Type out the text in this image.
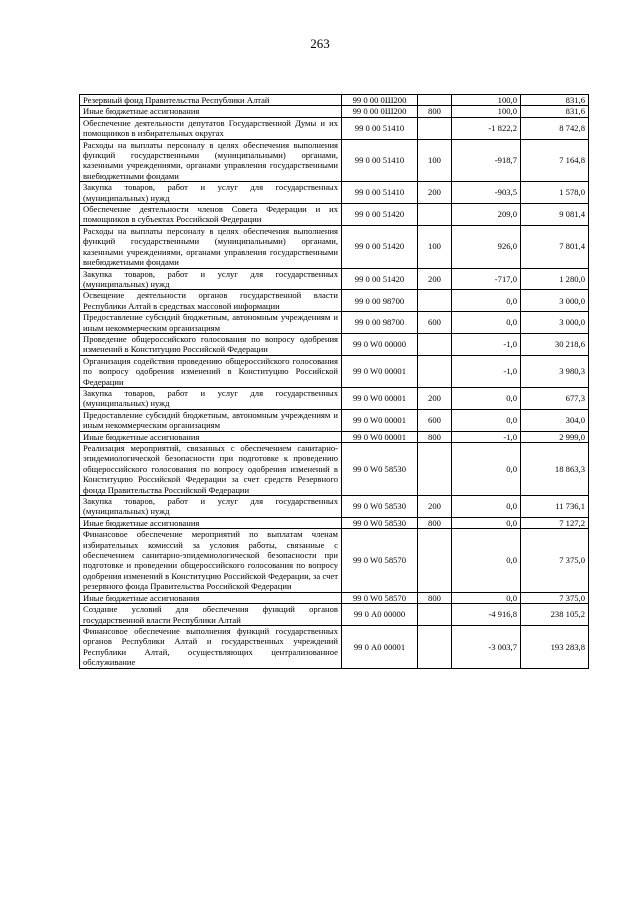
263
Резервный фонд Правительства Республики Алтай	99 0 00 0Ш200		100,0	831,6
Иные бюджетные ассигнования	99 0 00 0Ш200	800	100,0	831,6
Обеспечение деятельности депутатов Государственной Думы и их помощников в избирательных округах	99 0 00 51410		-1 822,2	8 742,8
Расходы на выплаты персоналу в целях обеспечения выполнения функций государственными (муниципальными) органами, казенными учреждениями, органами управления государственными внебюджетными фондами	99 0 00 51410	100	-918,7	7 164,8
Закупка товаров, работ и услуг для государственных (муниципальных) нужд	99 0 00 51410	200	-903,5	1 578,0
Обеспечение деятельности членов Совета Федерации и их помощников в субъектах Российской Федерации	99 0 00 51420		209,0	9 081,4
Расходы на выплаты персоналу в целях обеспечения выполнения функций государственными (муниципальными) органами, казенными учреждениями, органами управления государственными внебюджетными фондами	99 0 00 51420	100	926,0	7 801,4
Закупка товаров, работ и услуг для государственных (муниципальных) нужд	99 0 00 51420	200	-717,0	1 280,0
Освещение деятельности органов государственной власти Республики Алтай в средствах массовой информации	99 0 00 98700		0,0	3 000,0
Предоставление субсидий бюджетным, автономным учреждениям и иным некоммерческим организациям	99 0 00 98700	600	0,0	3 000,0
Проведение общероссийского голосования по вопросу одобрения изменений в Конституцию Российской Федерации	99 0 W0 00000		-1,0	30 218,6
Организация содействия проведению общероссийского голосования по вопросу одобрения изменений в Конституцию Российской Федерации	99 0 W0 00001		-1,0	3 980,3
Закупка товаров, работ и услуг для государственных (муниципальных) нужд	99 0 W0 00001	200	0,0	677,3
Предоставление субсидий бюджетным, автономным учреждениям и иным некоммерческим организациям	99 0 W0 00001	600	0,0	304,0
Иные бюджетные ассигнования	99 0 W0 00001	800	-1,0	2 999,0
Реализация мероприятий, связанных с обеспечением санитарно-эпидемиологической безопасности при подготовке к проведению общероссийского голосования по вопросу одобрения изменений в Конституцию Российской Федерации за счет средств Резервного фонда Правительства Российской Федерации	99 0 W0 58530		0,0	18 863,3
Закупка товаров, работ и услуг для государственных (муниципальных) нужд	99 0 W0 58530	200	0,0	11 736,1
Иные бюджетные ассигнования	99 0 W0 58530	800	0,0	7 127,2
Финансовое обеспечение мероприятий по выплатам членам избирательных комиссий за условия работы, связанные с обеспечением санитарно-эпидемиологической безопасности при подготовке и проведении общероссийского голосования по вопросу одобрения изменений в Конституцию Российской Федерации, за счет резервного фонда Правительства Российской Федерации	99 0 W0 58570		0,0	7 375,0
Иные бюджетные ассигнования	99 0 W0 58570	800	0,0	7 375,0
Создание условий для обеспечения функций органов государственной власти Республики Алтай	99 0 А0 00000		-4 916,8	238 105,2
Финансовое обеспечение выполнения функций государственных органов Республики Алтай и государственных учреждений Республики Алтай, осуществляющих централизованное обслуживание	99 0 А0 00001		-3 003,7	193 283,8
